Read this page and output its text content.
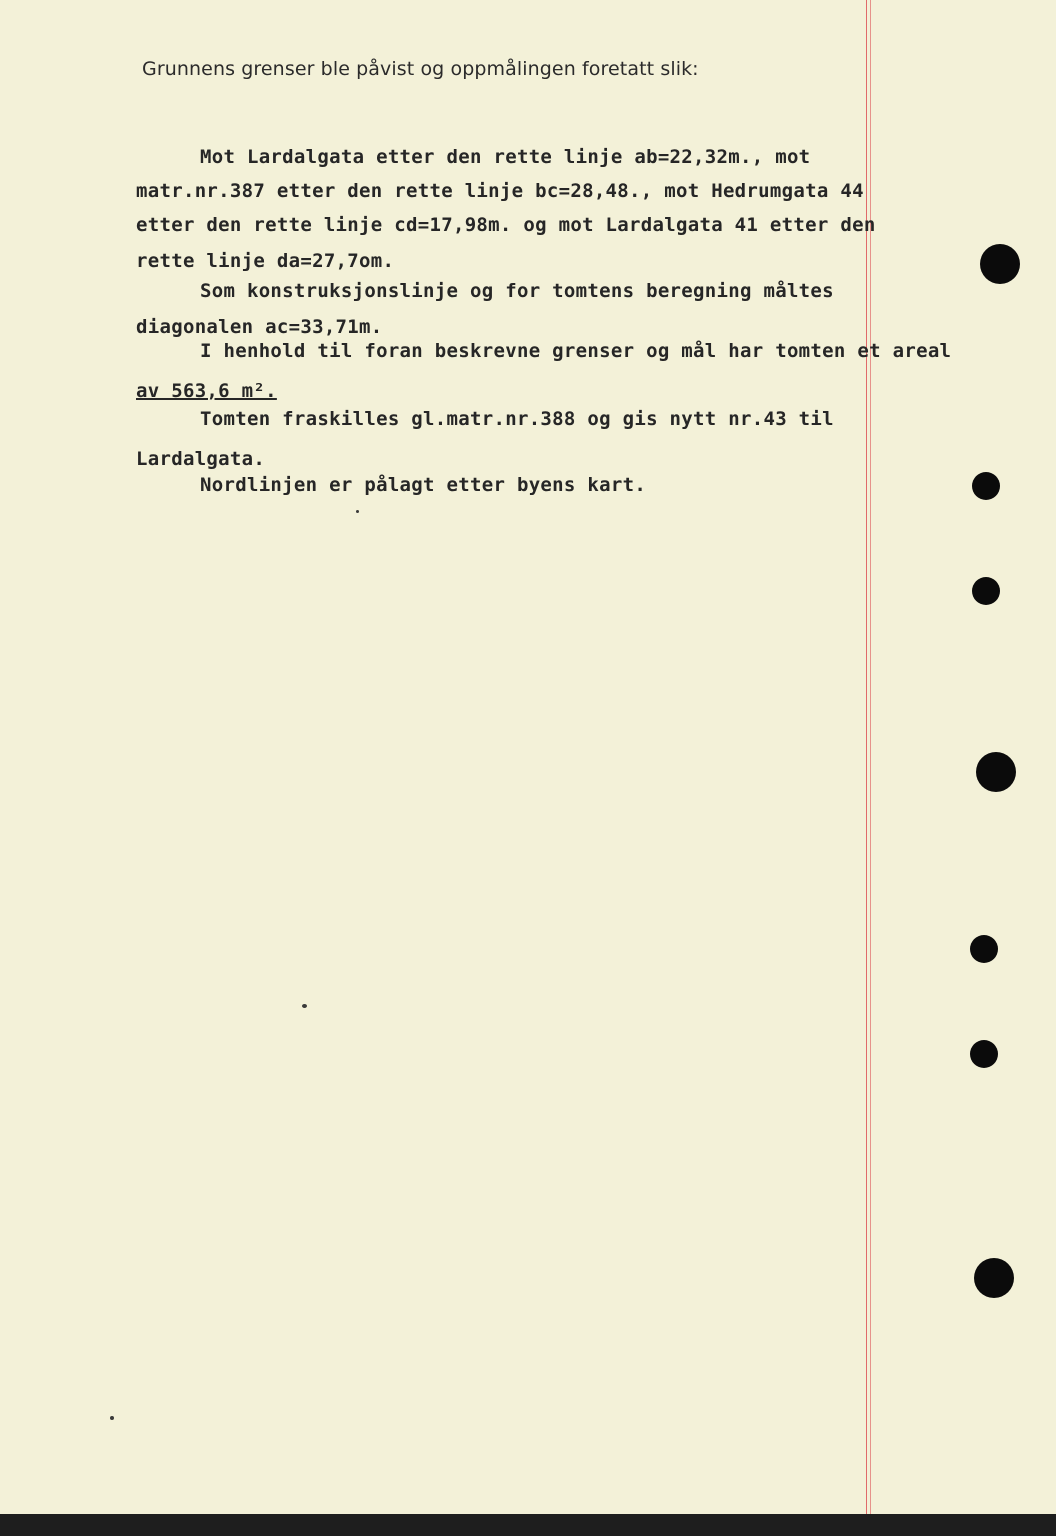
Grunnens grenser ble påvist og oppmålingen foretatt slik:
Mot Lardalgata etter den rette linje ab=22,32m., mot
matr.nr.387 etter den rette linje bc=28,48., mot Hedrumgata 44
etter den rette linje cd=17,98m. og mot Lardalgata 41 etter den
rette linje da=27,7om.
Som konstruksjonslinje og for tomtens beregning måltes
diagonalen ac=33,71m.
I henhold til foran beskrevne grenser og mål har tomten et areal
av 563,6 m².
Tomten fraskilles gl.matr.nr.388 og gis nytt nr.43 til
Lardalgata.
Nordlinjen er pålagt etter byens kart.
